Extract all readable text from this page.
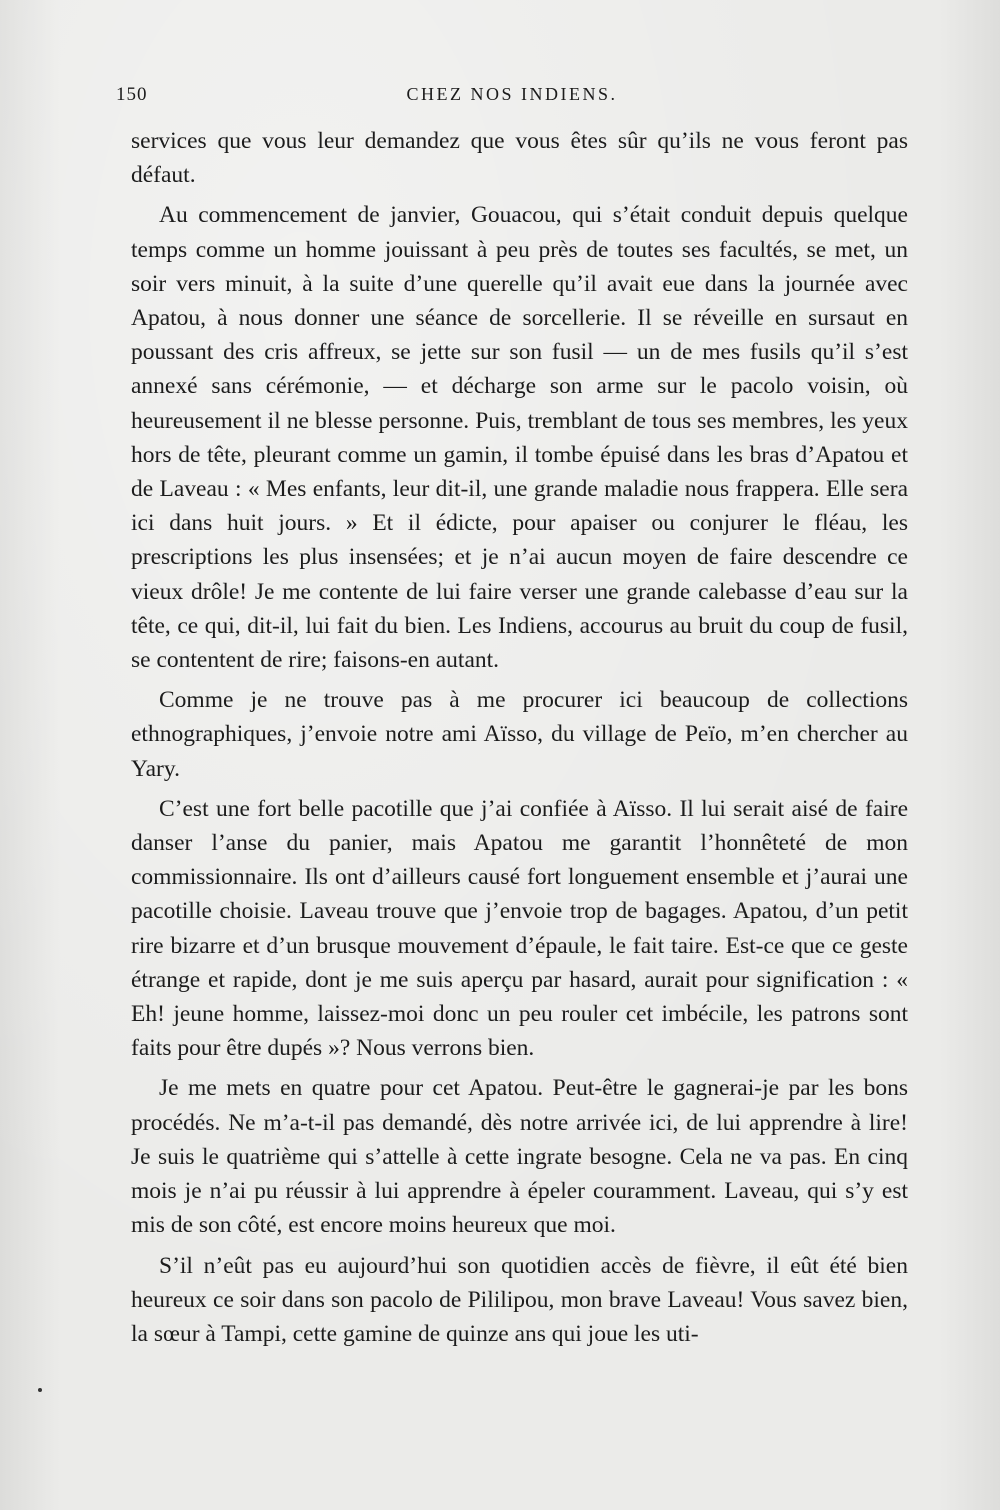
150	CHEZ NOS INDIENS.

services que vous leur demandez que vous êtes sûr qu’ils ne vous feront pas défaut.

Au commencement de janvier, Gouacou, qui s’était conduit depuis quelque temps comme un homme jouissant à peu près de toutes ses facultés, se met, un soir vers minuit, à la suite d’une querelle qu’il avait eue dans la journée avec Apatou, à nous donner une séance de sorcellerie. Il se réveille en sursaut en poussant des cris affreux, se jette sur son fusil — un de mes fusils qu’il s’est annexé sans cérémonie, — et décharge son arme sur le pacolo voisin, où heureusement il ne blesse personne. Puis, tremblant de tous ses membres, les yeux hors de tête, pleurant comme un gamin, il tombe épuisé dans les bras d’Apatou et de Laveau : « Mes enfants, leur dit-il, une grande maladie nous frappera. Elle sera ici dans huit jours. » Et il édicte, pour apaiser ou conjurer le fléau, les prescriptions les plus insensées; et je n’ai aucun moyen de faire descendre ce vieux drôle! Je me contente de lui faire verser une grande calebasse d’eau sur la tête, ce qui, dit-il, lui fait du bien. Les Indiens, accourus au bruit du coup de fusil, se contentent de rire; faisons-en autant.

Comme je ne trouve pas à me procurer ici beaucoup de collections ethnographiques, j’envoie notre ami Aïsso, du village de Peïo, m’en chercher au Yary.

C’est une fort belle pacotille que j’ai confiée à Aïsso. Il lui serait aisé de faire danser l’anse du panier, mais Apatou me garantit l’honnêteté de mon commissionnaire. Ils ont d’ailleurs causé fort longuement ensemble et j’aurai une pacotille choisie. Laveau trouve que j’envoie trop de bagages. Apatou, d’un petit rire bizarre et d’un brusque mouvement d’épaule, le fait taire. Est-ce que ce geste étrange et rapide, dont je me suis aperçu par hasard, aurait pour signification : « Eh! jeune homme, laissez-moi donc un peu rouler cet imbécile, les patrons sont faits pour être dupés »? Nous verrons bien.

Je me mets en quatre pour cet Apatou. Peut-être le gagnerai-je par les bons procédés. Ne m’a-t-il pas demandé, dès notre arrivée ici, de lui apprendre à lire! Je suis le quatrième qui s’attelle à cette ingrate besogne. Cela ne va pas. En cinq mois je n’ai pu réussir à lui apprendre à épeler couramment. Laveau, qui s’y est mis de son côté, est encore moins heureux que moi.

S’il n’eût pas eu aujourd’hui son quotidien accès de fièvre, il eût été bien heureux ce soir dans son pacolo de Pililipou, mon brave Laveau! Vous savez bien, la sœur à Tampi, cette gamine de quinze ans qui joue les uti-
